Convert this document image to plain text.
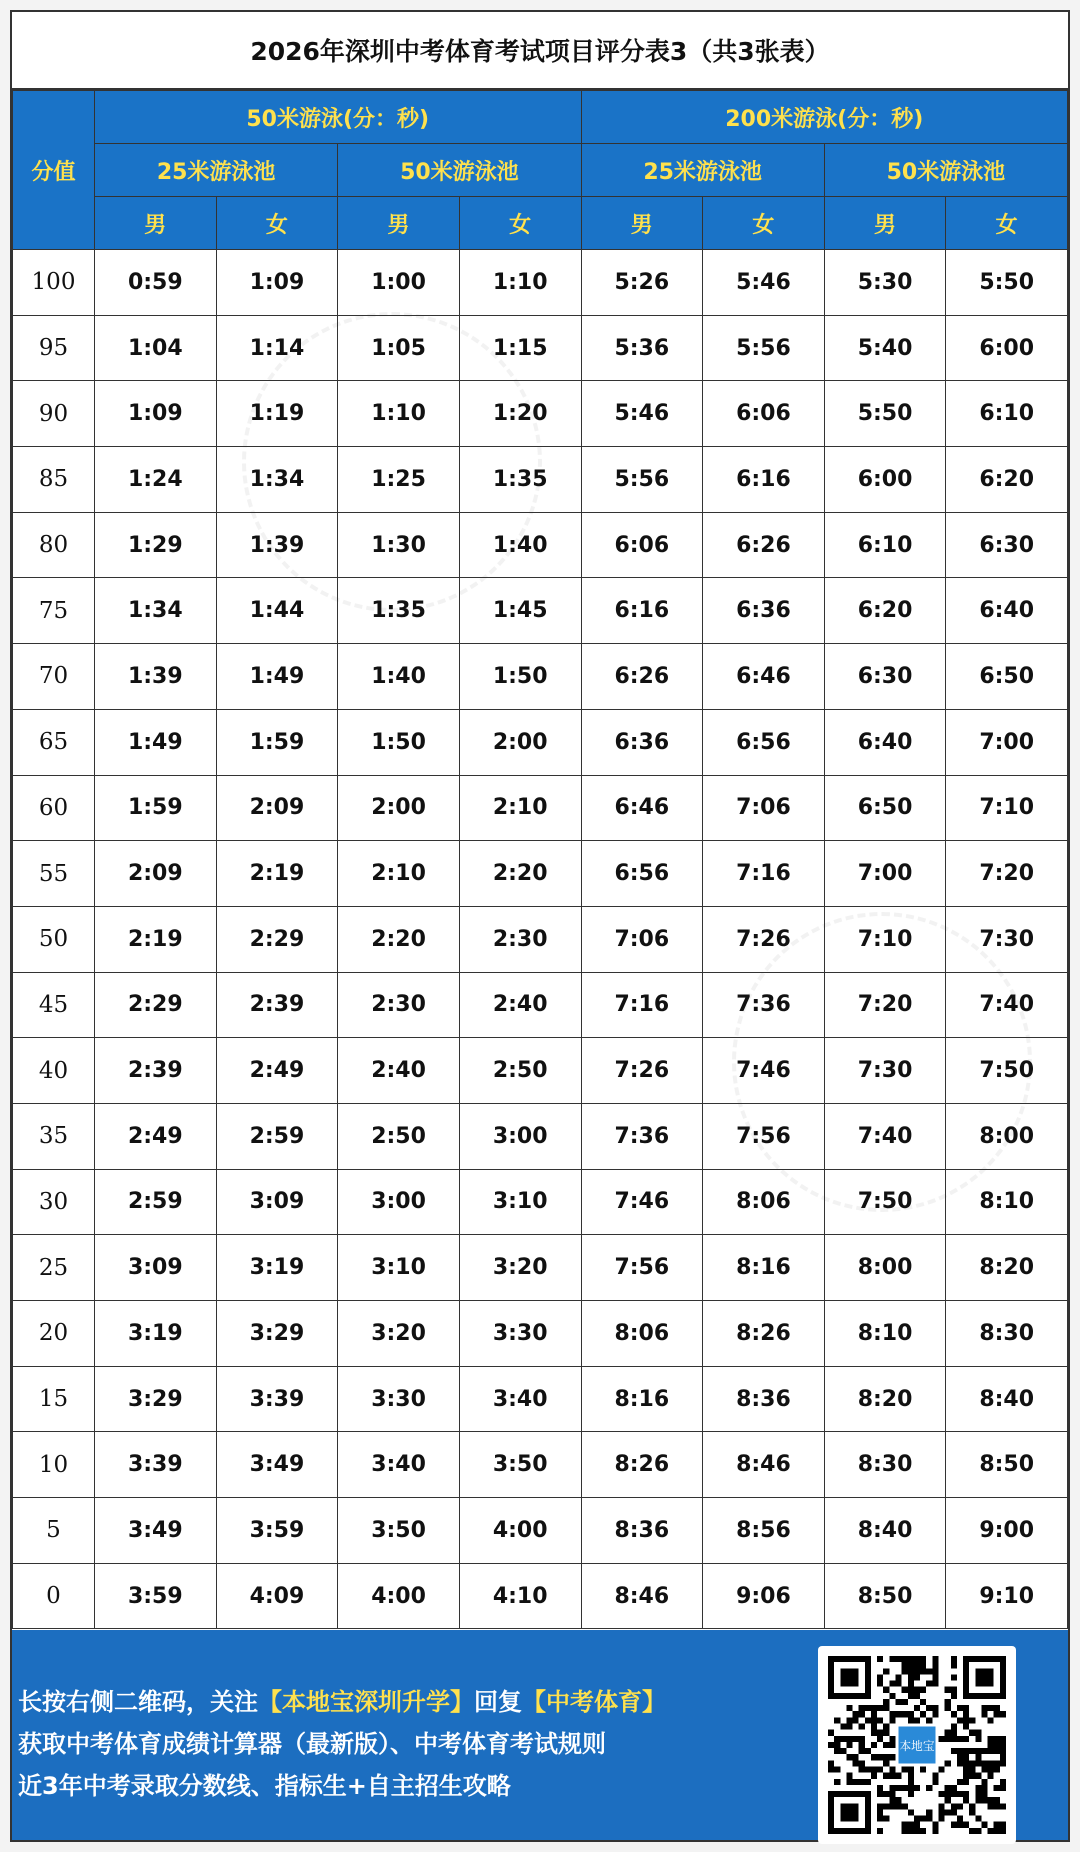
2026年深圳中考体育考试项目评分表3（共3张表）
分值	50米游泳(分：秒)				200米游泳(分：秒)			
	25米游泳池		50米游泳池		25米游泳池		50米游泳池	
	男	女	男	女	男	女	男	女
100	0:59	1:09	1:00	1:10	5:26	5:46	5:30	5:50
95	1:04	1:14	1:05	1:15	5:36	5:56	5:40	6:00
90	1:09	1:19	1:10	1:20	5:46	6:06	5:50	6:10
85	1:24	1:34	1:25	1:35	5:56	6:16	6:00	6:20
80	1:29	1:39	1:30	1:40	6:06	6:26	6:10	6:30
75	1:34	1:44	1:35	1:45	6:16	6:36	6:20	6:40
70	1:39	1:49	1:40	1:50	6:26	6:46	6:30	6:50
65	1:49	1:59	1:50	2:00	6:36	6:56	6:40	7:00
60	1:59	2:09	2:00	2:10	6:46	7:06	6:50	7:10
55	2:09	2:19	2:10	2:20	6:56	7:16	7:00	7:20
50	2:19	2:29	2:20	2:30	7:06	7:26	7:10	7:30
45	2:29	2:39	2:30	2:40	7:16	7:36	7:20	7:40
40	2:39	2:49	2:40	2:50	7:26	7:46	7:30	7:50
35	2:49	2:59	2:50	3:00	7:36	7:56	7:40	8:00
30	2:59	3:09	3:00	3:10	7:46	8:06	7:50	8:10
25	3:09	3:19	3:10	3:20	7:56	8:16	8:00	8:20
20	3:19	3:29	3:20	3:30	8:06	8:26	8:10	8:30
15	3:29	3:39	3:30	3:40	8:16	8:36	8:20	8:40
10	3:39	3:49	3:40	3:50	8:26	8:46	8:30	8:50
5	3:49	3:59	3:50	4:00	8:36	8:56	8:40	9:00
0	3:59	4:09	4:00	4:10	8:46	9:06	8:50	9:10
长按右侧二维码，关注【本地宝深圳升学】回复【中考体育】
获取中考体育成绩计算器（最新版）、中考体育考试规则
近3年中考录取分数线、指标生+自主招生攻略
本地宝
